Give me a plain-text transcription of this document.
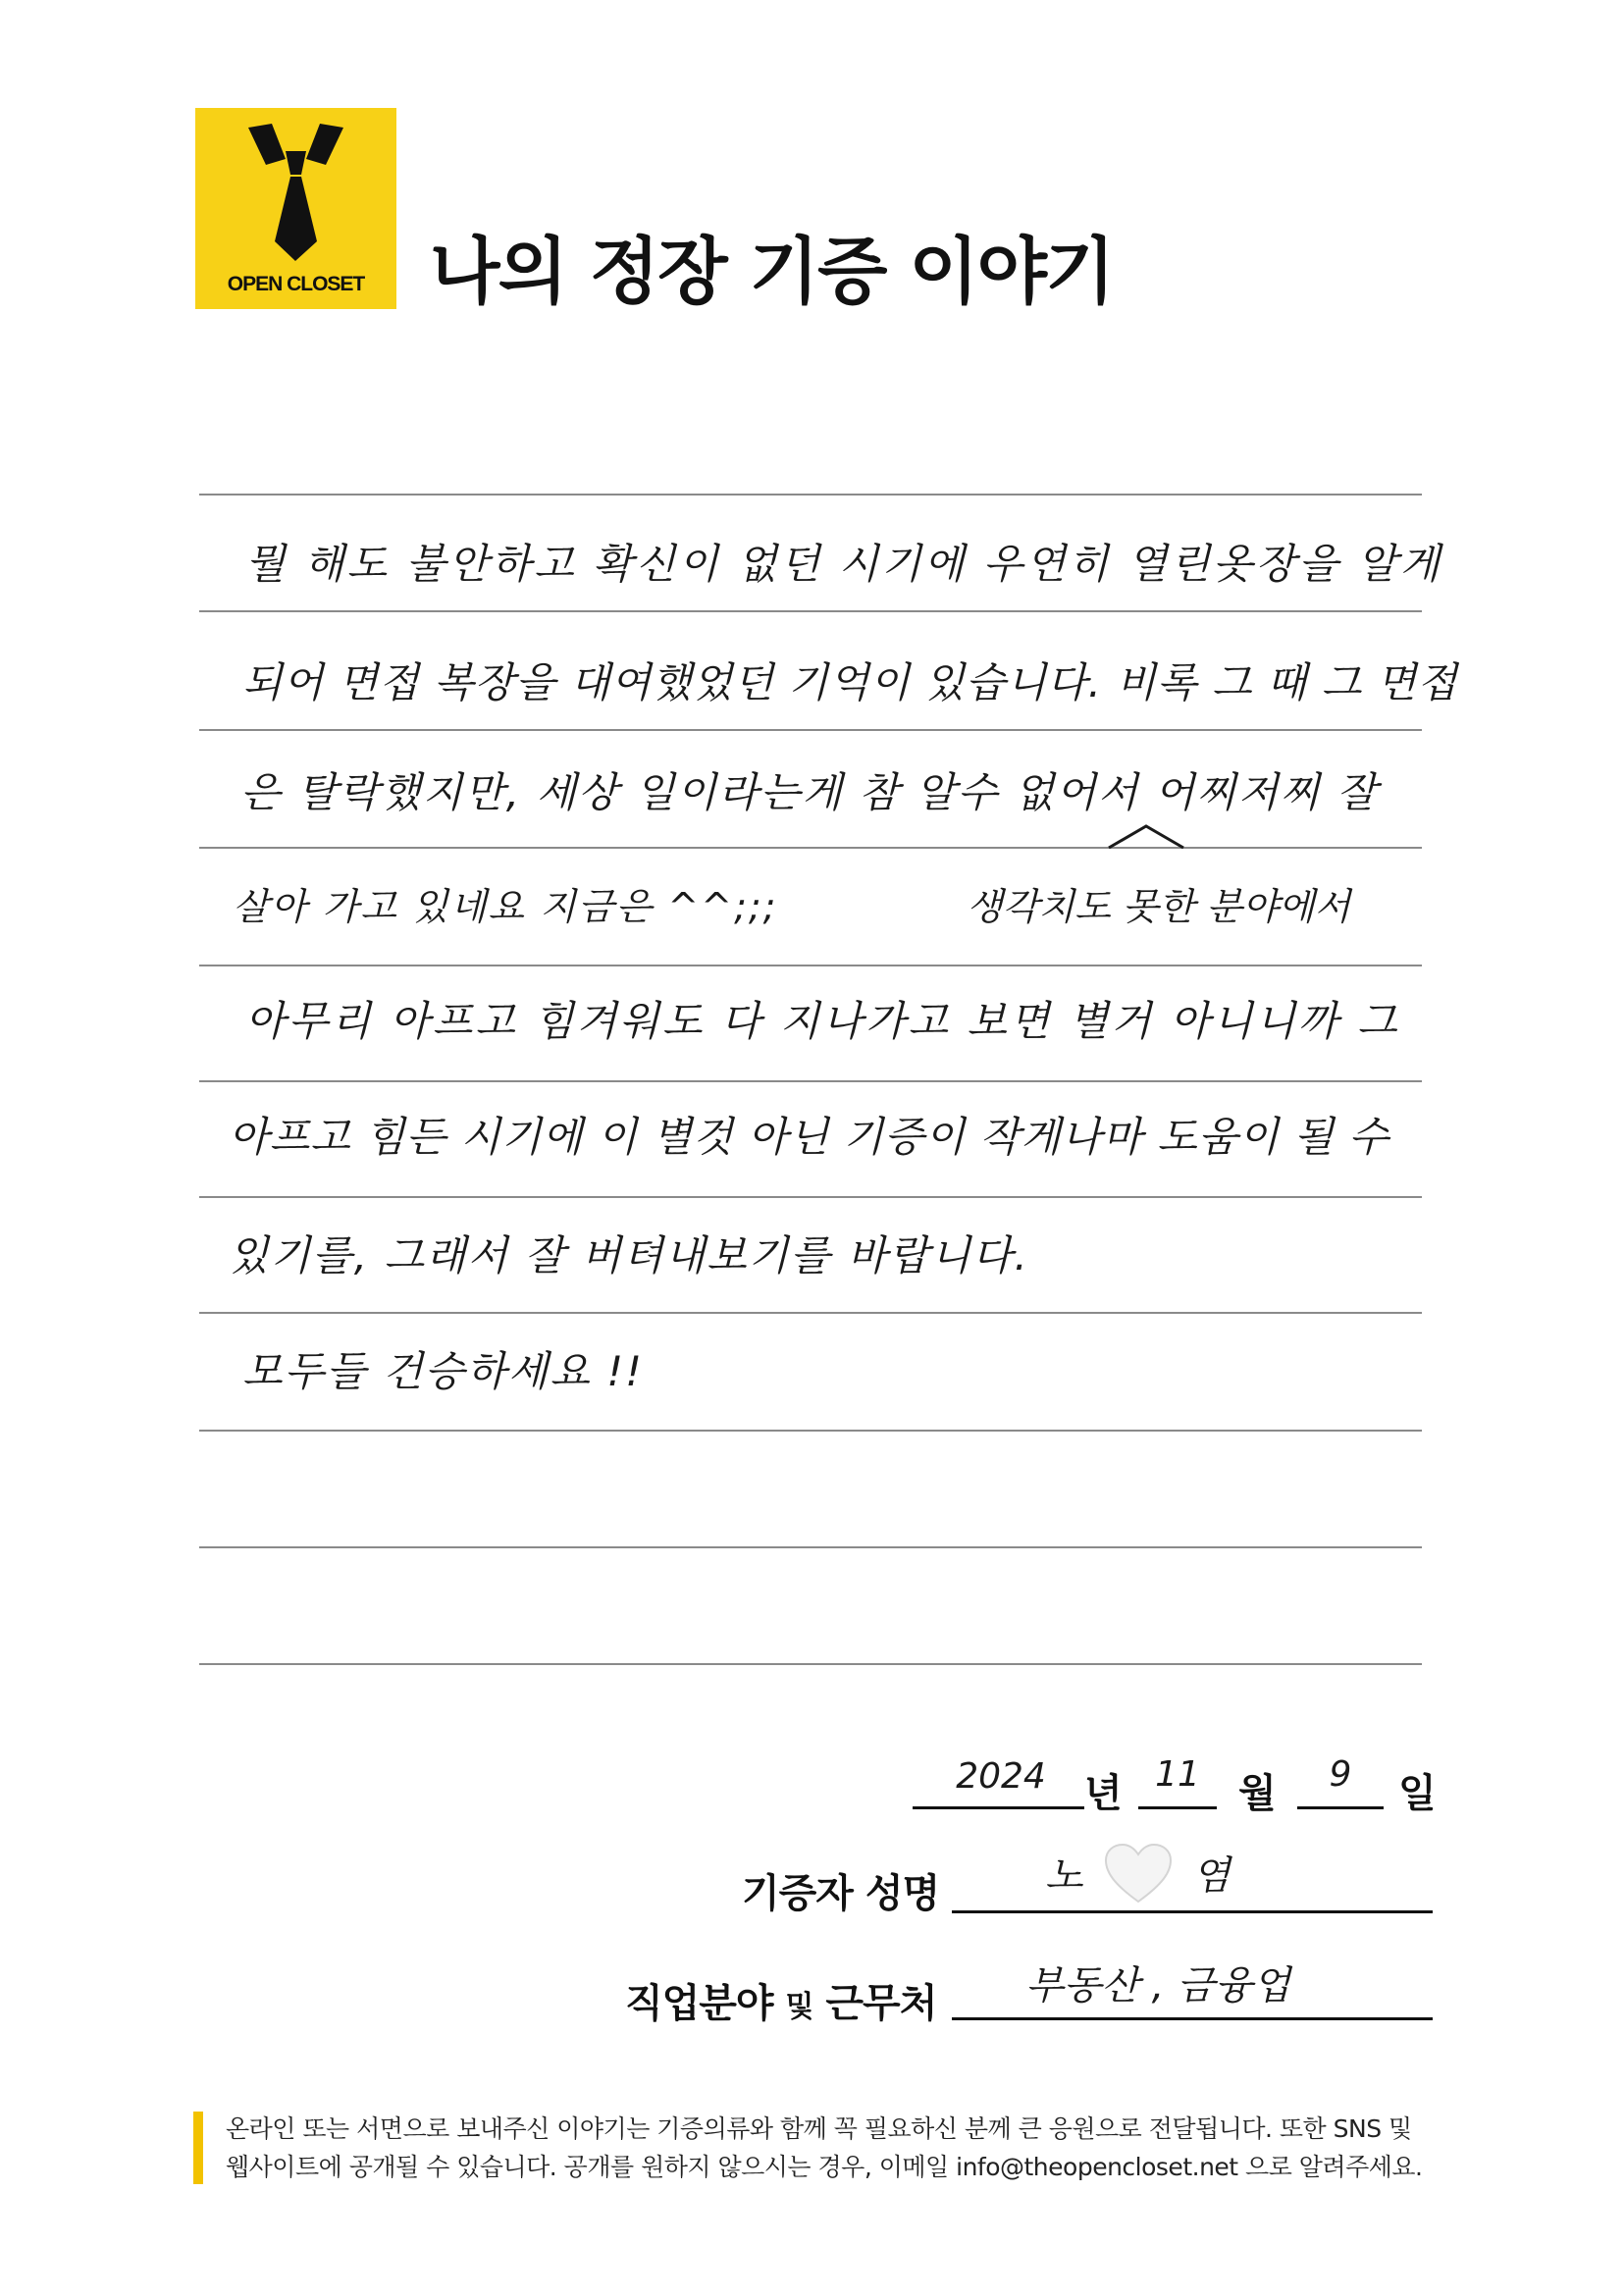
OPEN CLOSET 나의 정장 기증 이야기
뭘 해도 불안하고 확신이 없던 시기에 우연히 열린옷장을 알게
되어 면접 복장을 대여했었던 기억이 있습니다. 비록 그 때 그 면접
은 탈락했지만, 세상 일이라는게 참 알수 없어서 어찌저찌 잘
살아 가고 있네요 지금은 ^^;;;	생각치도 못한 분야에서
아무리 아프고 힘겨워도 다 지나가고 보면 별거 아니니까 그
아프고 힘든 시기에 이 별것 아닌 기증이 작게나마 도움이 될 수
있기를, 그래서 잘 버텨내보기를 바랍니다.
모두들 건승하세요 !!
2024 년 11 월	9	일
기증자 성명	노	염
직업분야 및 근무처 부동산 , 금융업
온라인 또는 서면으로 보내주신 이야기는 기증의류와 함께 꼭 필요하신 분께 큰 응원으로 전달됩니다. 또한 SNS 및
웹사이트에 공개될 수 있습니다. 공개를 원하지 않으시는 경우, 이메일 info@theopencloset.net 으로 알려주세요.
